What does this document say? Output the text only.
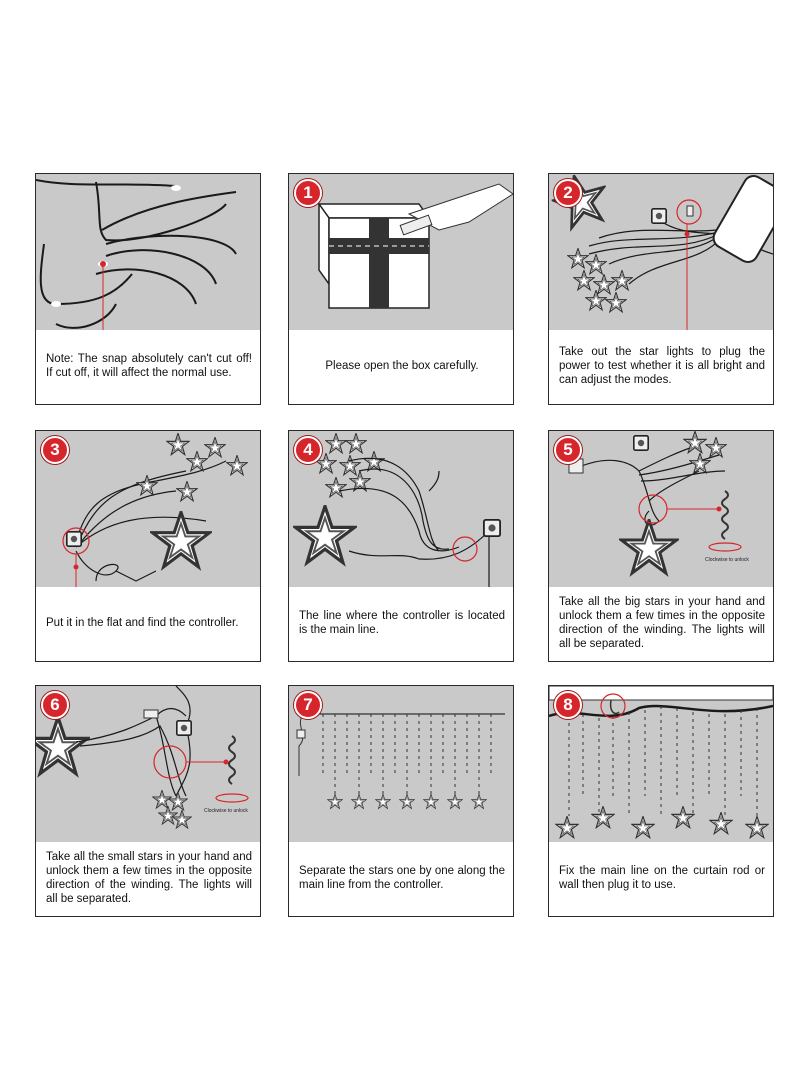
Note: The snap absolutely can't cut off! If cut off, it will affect the normal use.
1
Please open the box carefully.
2
Take out the star lights to plug the power to test whether it is all bright and can adjust the modes.
3
Put it in the flat and find the controller.
4
The line where the controller is located is the main line.
Clockwise to unlock
5
Take all the big stars in your hand and unlock them a few times in the opposite direction of the winding. The lights will all be separated.
Clockwise to unlock
6
Take all the small stars in your hand and unlock them a few times in the opposite direction of the winding. The lights will all be separated.
7
Separate the stars one by one along the main line from the controller.
8
Fix the main line on the curtain rod or wall then plug it to use.
